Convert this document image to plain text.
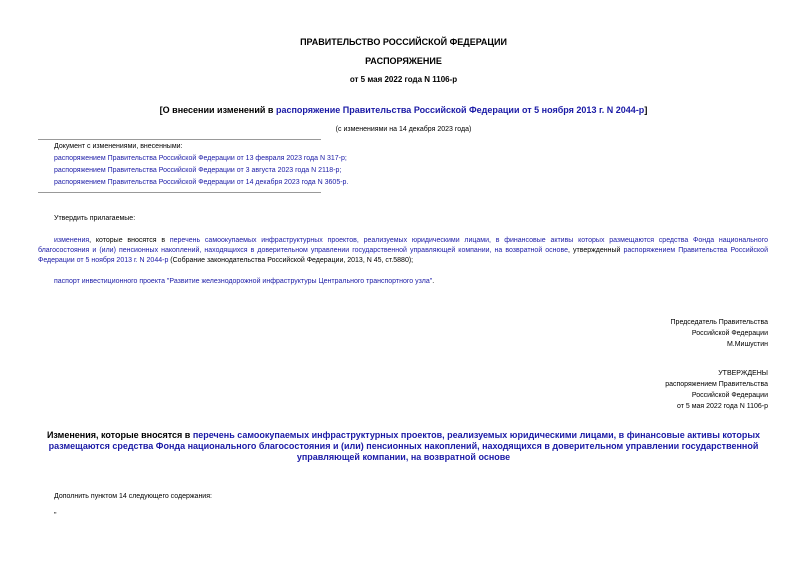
ПРАВИТЕЛЬСТВО РОССИЙСКОЙ ФЕДЕРАЦИИ
РАСПОРЯЖЕНИЕ
от 5 мая 2022 года N 1106-р
[О внесении изменений в распоряжение Правительства Российской Федерации от 5 ноября 2013 г. N 2044-р]
(с изменениями на 14 декабря 2023 года)
Документ с изменениями, внесенными:
распоряжением Правительства Российской Федерации от 13 февраля 2023 года N 317-р;
распоряжением Правительства Российской Федерации от 3 августа 2023 года N 2118-р;
распоряжением Правительства Российской Федерации от 14 декабря 2023 года N 3605-р.
Утвердить прилагаемые:
изменения, которые вносятся в перечень самоокупаемых инфраструктурных проектов, реализуемых юридическими лицами, в финансовые активы которых размещаются средства Фонда национального благосостояния и (или) пенсионных накоплений, находящихся в доверительном управлении государственной управляющей компании, на возвратной основе, утвержденный распоряжением Правительства Российской Федерации от 5 ноября 2013 г. N 2044-р (Собрание законодательства Российской Федерации, 2013, N 45, ст.5880);
паспорт инвестиционного проекта "Развитие железнодорожной инфраструктуры Центрального транспортного узла".
Председатель Правительства
Российской Федерации
М.Мишустин
УТВЕРЖДЕНЫ
распоряжением Правительства
Российской Федерации
от 5 мая 2022 года N 1106-р
Изменения, которые вносятся в перечень самоокупаемых инфраструктурных проектов, реализуемых юридическими лицами, в финансовые активы которых размещаются средства Фонда национального благосостояния и (или) пенсионных накоплений, находящихся в доверительном управлении государственной управляющей компании, на возвратной основе
Дополнить пунктом 14 следующего содержания:
"
